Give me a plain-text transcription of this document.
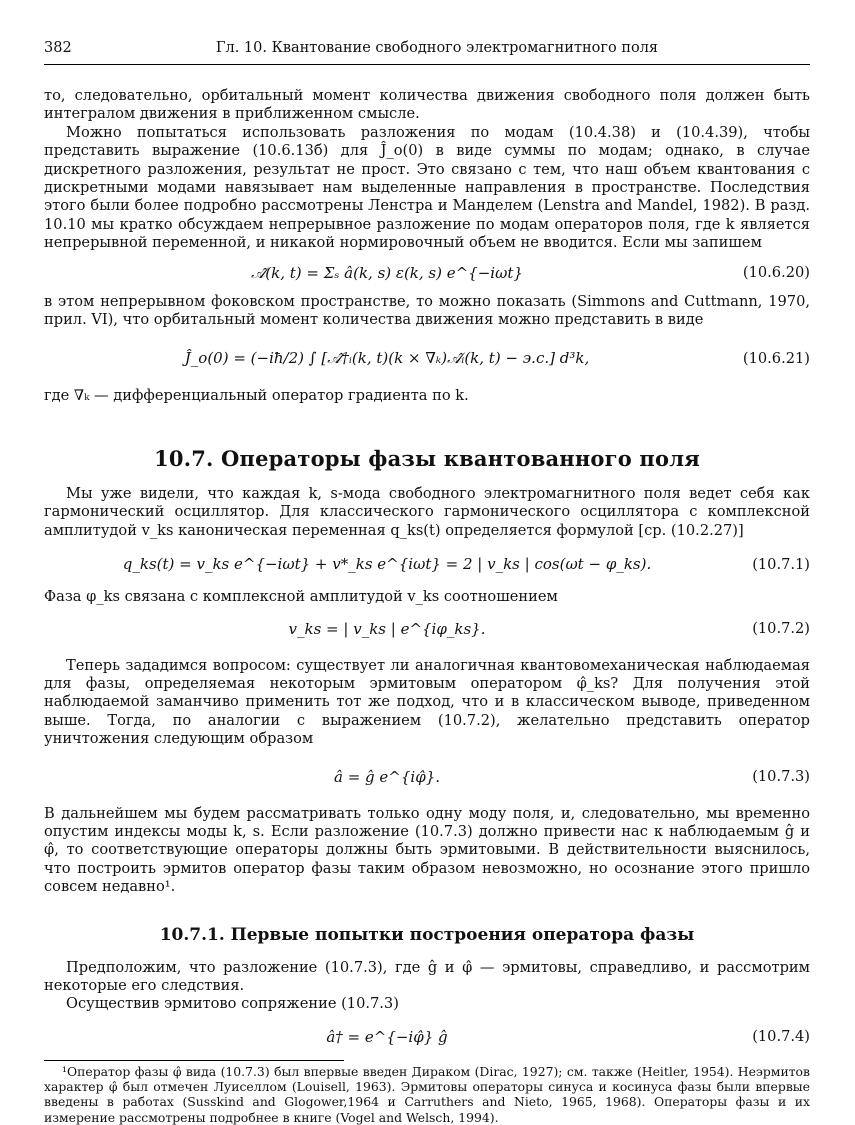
382	Гл. 10. Квантование свободного электромагнитного поля

то, следовательно, орбитальный момент количества движения свободного поля должен быть интегралом движения в приближенном смысле.

Можно попытаться использовать разложения по модам (10.4.38) и (10.4.39), чтобы представить выражение (10.6.13б) для Ĵ_o(0) в виде суммы по модам; однако, в случае дискретного разложения, результат не прост. Это связано с тем, что наш объем квантования с дискретными модами навязывает нам выделенные направления в пространстве. Последствия этого были более подробно рассмотрены Ленстра и Манделем (Lenstra and Mandel, 1982). В разд. 10.10 мы кратко обсуждаем непрерывное разложение по модам операторов поля, где k является непрерывной переменной, и никакой нормировочный объем не вводится. Если мы запишем

𝒜̂(k, t) = Σₛ â(k, s) ε(k, s) e^{−iωt}	(10.6.20)

в этом непрерывном фоковском пространстве, то можно показать (Simmons and Cuttmann, 1970, прил. VI), что орбитальный момент количества движения можно представить в виде

Ĵ_o(0) = (−iħ/2) ∫ [𝒜̂†ᵢ(k, t)(k × ∇ₖ)𝒜̂ᵢ(k, t) − э.с.] d³k,	(10.6.21)

где ∇ₖ — дифференциальный оператор градиента по k.

10.7. Операторы фазы квантованного поля

Мы уже видели, что каждая k, s-мода свободного электромагнитного поля ведет себя как гармонический осциллятор. Для классического гармонического осциллятора с комплексной амплитудой v_ks каноническая переменная q_ks(t) определяется формулой [ср. (10.2.27)]

q_ks(t) = v_ks e^{−iωt} + v*_ks e^{iωt} = 2 | v_ks | cos(ωt − φ_ks).	(10.7.1)

Фаза φ_ks связана с комплексной амплитудой v_ks соотношением

v_ks = | v_ks | e^{iφ_ks}.	(10.7.2)

Теперь зададимся вопросом: существует ли аналогичная квантовомеханическая наблюдаемая для фазы, определяемая некоторым эрмитовым оператором φ̂_ks? Для получения этой наблюдаемой заманчиво применить тот же подход, что и в классическом выводе, приведенном выше. Тогда, по аналогии с выражением (10.7.2), желательно представить оператор уничтожения следующим образом

â = ĝ e^{iφ̂}.	(10.7.3)

В дальнейшем мы будем рассматривать только одну моду поля, и, следовательно, мы временно опустим индексы моды k, s. Если разложение (10.7.3) должно привести нас к наблюдаемым ĝ и φ̂, то соответствующие операторы должны быть эрмитовыми. В действительности выяснилось, что построить эрмитов оператор фазы таким образом невозможно, но осознание этого пришло совсем недавно¹.

10.7.1. Первые попытки построения оператора фазы

Предположим, что разложение (10.7.3), где ĝ и φ̂ — эрмитовы, справедливо, и рассмотрим некоторые его следствия.

Осуществив эрмитово сопряжение (10.7.3)

â† = e^{−iφ̂} ĝ	(10.7.4)

¹Оператор фазы φ̂ вида (10.7.3) был впервые введен Дираком (Dirac, 1927); см. также (Heitler, 1954). Неэрмитов характер φ̂ был отмечен Луиселлом (Louisell, 1963). Эрмитовы операторы синуса и косинуса фазы были впервые введены в работах (Susskind and Glogower,1964 и Carruthers and Nieto, 1965, 1968). Операторы фазы и их измерение рассмотрены подробнее в книге (Vogel and Welsch, 1994).
